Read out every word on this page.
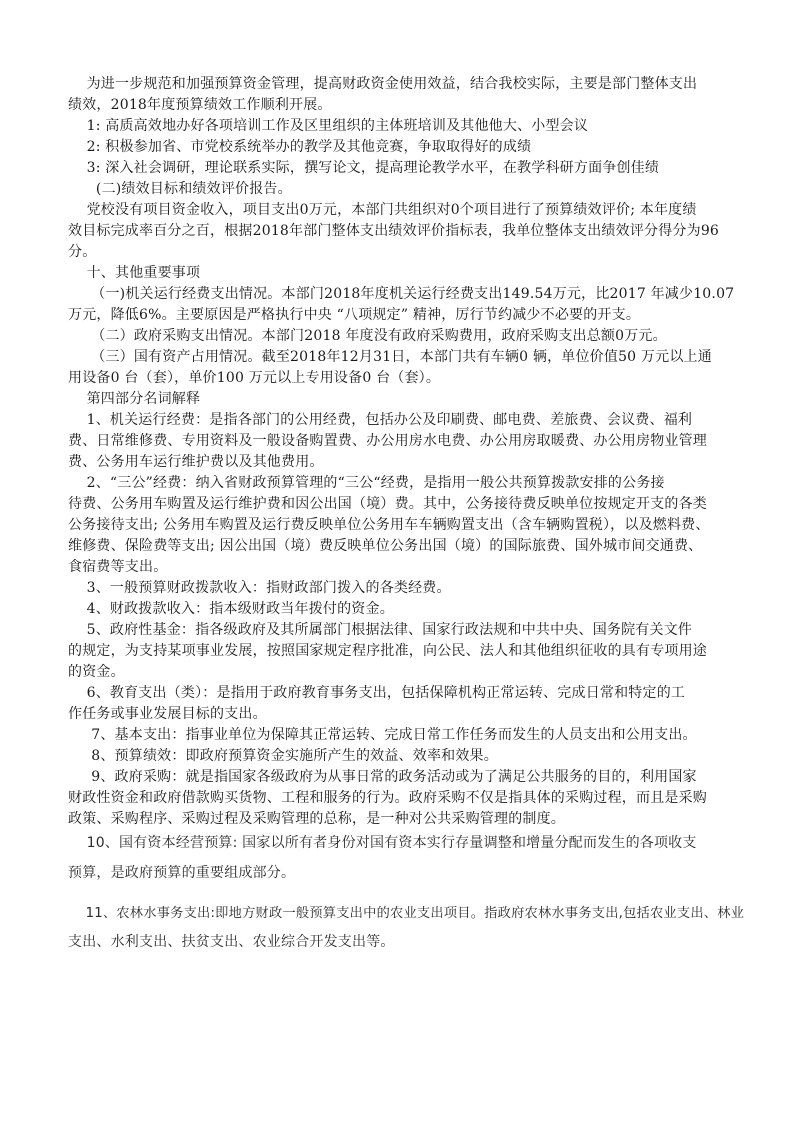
为进一步规范和加强预算资金管理，提高财政资金使用效益，结合我校实际，主要是部门整体支出
绩效，2018年度预算绩效工作顺利开展。
1: 高质高效地办好各项培训工作及区里组织的主体班培训及其他他大、小型会议
2: 积极参加省、市党校系统举办的教学及其他竞赛，争取取得好的成绩
3: 深入社会调研，理论联系实际，撰写论文，提高理论教学水平，在教学科研方面争创佳绩
(二)绩效目标和绩效评价报告。
党校没有项目资金收入，项目支出0万元，本部门共组织对0个项目进行了预算绩效评价; 本年度绩
效目标完成率百分之百，根据2018年部门整体支出绩效评价指标表，我单位整体支出绩效评分得分为96
分。
十、其他重要事项
（一)机关运行经费支出情况。本部门2018年度机关运行经费支出149.54万元，比2017 年减少10.07
万元，降低6%。主要原因是严格执行中央 “八项规定” 精神，厉行节约减少不必要的开支。
（二）政府采购支出情况。本部门2018 年度没有政府采购费用，政府采购支出总额0万元。
（三）国有资产占用情况。截至2018年12月31日，本部门共有车辆0 辆，单位价值50 万元以上通
用设备0 台（套），单价100 万元以上专用设备0 台（套）。
第四部分名词解释
1、机关运行经费：是指各部门的公用经费，包括办公及印刷费、邮电费、差旅费、会议费、福利
费、日常维修费、专用资料及一般设备购置费、办公用房水电费、办公用房取暖费、办公用房物业管理
费、公务用车运行维护费以及其他费用。
2、“三公”经费：纳入省财政预算管理的“三公“经费，是指用一般公共预算拨款安排的公务接
待费、公务用车购置及运行维护费和因公出国（境）费。其中，公务接待费反映单位按规定开支的各类
公务接待支出; 公务用车购置及运行费反映单位公务用车车辆购置支出（含车辆购置税），以及燃料费、
维修费、保险费等支出; 因公出国（境）费反映单位公务出国（境）的国际旅费、国外城市间交通费、
食宿费等支出。
3、一般预算财政拨款收入：指财政部门拨入的各类经费。
4、财政拨款收入：指本级财政当年拨付的资金。
5、政府性基金：指各级政府及其所属部门根据法律、国家行政法规和中共中央、国务院有关文件
的规定，为支持某项事业发展，按照国家规定程序批准，向公民、法人和其他组织征收的具有专项用途
的资金。
6、教育支出（类）：是指用于政府教育事务支出，包括保障机构正常运转、完成日常和特定的工
作任务或事业发展目标的支出。
7、基本支出：指事业单位为保障其正常运转、完成日常工作任务而发生的人员支出和公用支出。
8、预算绩效：即政府预算资金实施所产生的效益、效率和效果。
9、政府采购：就是指国家各级政府为从事日常的政务活动或为了满足公共服务的目的，利用国家
财政性资金和政府借款购买货物、工程和服务的行为。政府采购不仅是指具体的采购过程，而且是采购
政策、采购程序、采购过程及采购管理的总称，是一种对公共采购管理的制度。
10、国有资本经营预算: 国家以所有者身份对国有资本实行存量调整和增量分配而发生的各项收支
预算，是政府预算的重要组成部分。
11、农林水事务支出:即地方财政一般预算支出中的农业支出项目。指政府农林水事务支出,包括农业支出、林业
支出、水利支出、扶贫支出、农业综合开发支出等。
